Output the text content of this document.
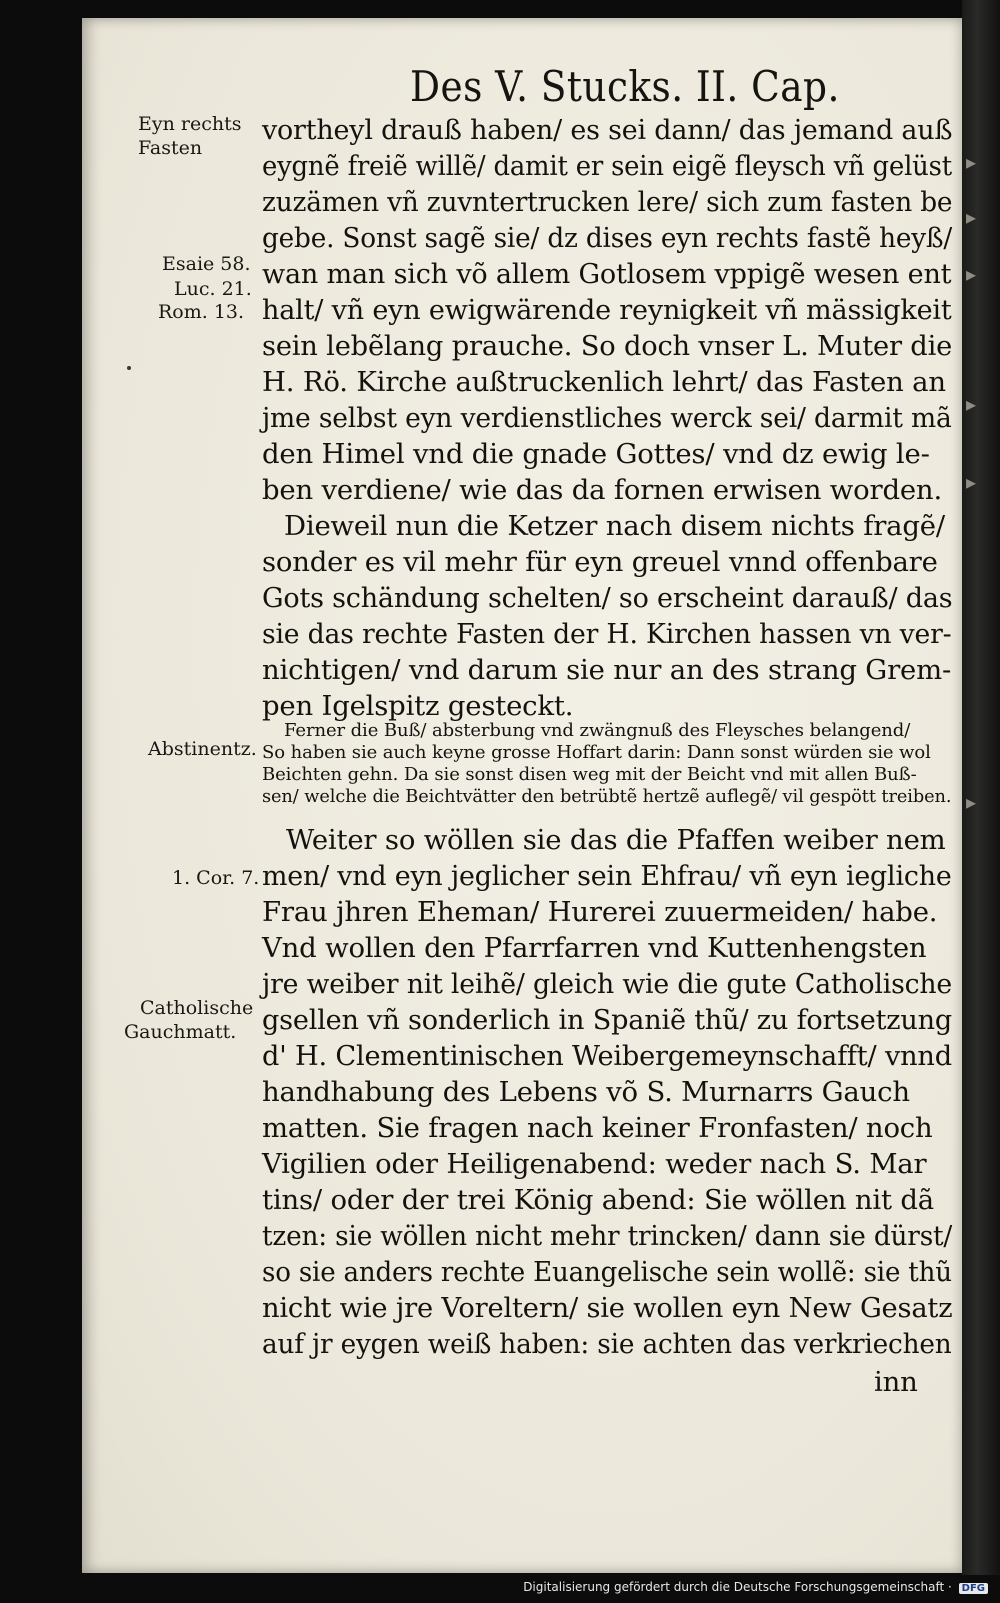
▸
▸
▸
▸
▸
▸
Des V. Stucks. II. Cap.
Eyn rechts
Fasten
Esaie 58.
Luc. 21.
Rom. 13.
Abstinentz.
1. Cor. 7.
Catholische
Gauchmatt.
vortheyl drauß haben/ es sei dann/ das jemand auß
eygnẽ freiẽ willẽ/ damit er sein eigẽ fleysch vñ gelüst
zuzämen vñ zuvntertrucken lere/ sich zum fasten be
gebe. Sonst sagẽ sie/ dz dises eyn rechts fastẽ heyß/
wan man sich võ allem Gotlosem vppigẽ wesen ent
halt/ vñ eyn ewigwärende reynigkeit vñ mässigkeit
sein lebẽlang prauche. So doch vnser L. Muter die
H. Rö. Kirche außtruckenlich lehrt/ das Fasten an
jme selbst eyn verdienstliches werck sei/ darmit mã
den Himel vnd die gnade Gottes/ vnd dz ewig le-
ben verdiene/ wie das da fornen erwisen worden.
Dieweil nun die Ketzer nach disem nichts fragẽ/
sonder es vil mehr für eyn greuel vnnd offenbare
Gots schändung schelten/ so erscheint darauß/ das
sie das rechte Fasten der H. Kirchen hassen vn ver-
nichtigen/ vnd darum sie nur an des strang Grem-
pen Igelspitz gesteckt.
Ferner die Buß/ absterbung vnd zwängnuß des Fleysches belangend/
So haben sie auch keyne grosse Hoffart darin: Dann sonst würden sie wol
Beichten gehn. Da sie sonst disen weg mit der Beicht vnd mit allen Buß-
sen/ welche die Beichtvätter den betrübtẽ hertzẽ auflegẽ/ vil gespött treiben.
Weiter so wöllen sie das die Pfaffen weiber nem
men/ vnd eyn jeglicher sein Ehfrau/ vñ eyn iegliche
Frau jhren Eheman/ Hurerei zuuermeiden/ habe.
Vnd wollen den Pfarrfarren vnd Kuttenhengsten
jre weiber nit leihẽ/ gleich wie die gute Catholische
gsellen vñ sonderlich in Spaniẽ thũ/ zu fortsetzung
d' H. Clementinischen Weibergemeynschafft/ vnnd
handhabung des Lebens võ S. Murnarrs Gauch
matten. Sie fragen nach keiner Fronfasten/ noch
Vigilien oder Heiligenabend: weder nach S. Mar
tins/ oder der trei König abend: Sie wöllen nit dã
tzen: sie wöllen nicht mehr trincken/ dann sie dürst/
so sie anders rechte Euangelische sein wollẽ: sie thũ
nicht wie jre Voreltern/ sie wollen eyn New Gesatz
auf jr eygen weiß haben: sie achten das verkriechen
inn
Digitalisierung gefördert durch die Deutsche Forschungsgemeinschaft · DFG
